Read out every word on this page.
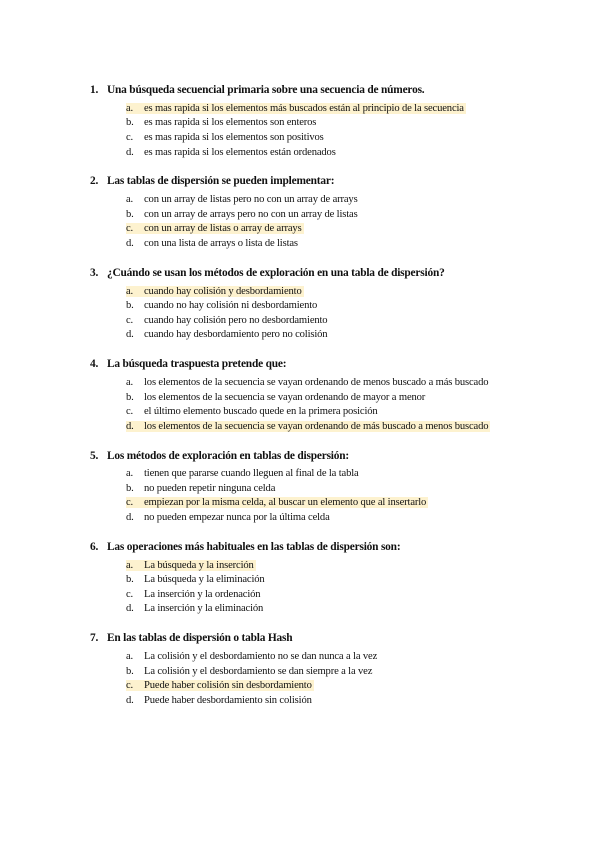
1. Una búsqueda secuencial primaria sobre una secuencia de números.
a.	es mas rapida si los elementos más buscados están al principio de la secuencia
b. es mas rapida si los elementos son enteros
c.	es mas rapida si los elementos son positivos
d. es mas rapida si los elementos están ordenados
2. Las tablas de dispersión se pueden implementar:
a.	con un array de listas pero no con un array de arrays
b. con un array de arrays pero no con un array de listas
c.	con un array de listas o array de arrays
d. con una lista de arrays o lista de listas
3. ¿Cuándo se usan los métodos de exploración en una tabla de dispersión?
a.	cuando hay colisión y desbordamiento
b. cuando no hay colisión ni desbordamiento
c.	cuando hay colisión pero no desbordamiento
d. cuando hay desbordamiento pero no colisión
4. La búsqueda traspuesta pretende que:
a.	los elementos de la secuencia se vayan ordenando de menos buscado a más buscado
b. los elementos de la secuencia se vayan ordenando de mayor a menor
c.	el último elemento buscado quede en la primera posición
d. los elementos de la secuencia se vayan ordenando de más buscado a menos buscado
5. Los métodos de exploración en tablas de dispersión:
a.	tienen que pararse cuando lleguen al final de la tabla
b. no pueden repetir ninguna celda
c.	empiezan por la misma celda, al buscar un elemento que al insertarlo
d. no pueden empezar nunca por la última celda
6. Las operaciones más habituales en las tablas de dispersión son:
a.	La búsqueda y la inserción
b. La búsqueda y la eliminación
c.	La inserción y la ordenación
d. La inserción y la eliminación
7. En las tablas de dispersión o tabla Hash
a.	La colisión y el desbordamiento no se dan nunca a la vez
b. La colisión y el desbordamiento se dan siempre a la vez
c.	Puede haber colisión sin desbordamiento
d. Puede haber desbordamiento sin colisión
